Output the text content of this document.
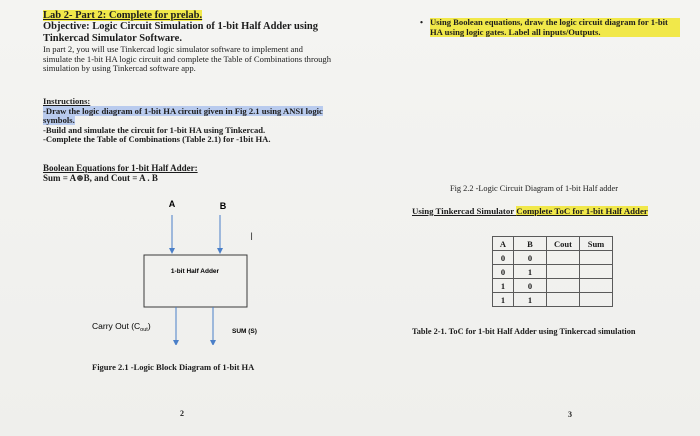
Lab 2- Part 2: Complete for prelab.
Objective: Logic Circuit Simulation of 1-bit Half Adder using Tinkercad Simulator Software.
In part 2, you will use Tinkercad logic simulator software to implement and simulate the 1-bit HA logic circuit and complete the Table of Combinations through simulation by using Tinkercad software app.
Instructions:
-Draw the logic diagram of 1-bit HA circuit given in Fig 2.1 using ANSI logic symbols.
-Build and simulate the circuit for 1-bit HA using Tinkercad.
-Complete the Table of Combinations (Table 2.1) for -1bit HA.
Boolean Equations for 1-bit Half Adder:
Sum = A⊕B, and Cout = A . B
A	B
I
1-bit Half Adder
Carry Out $(C_{out})$
SUM (S)
Figure 2.1 -Logic Block Diagram of 1-bit HA
2
• Using Boolean equations, draw the logic circuit diagram for 1-bit HA using logic gates. Label all inputs/Outputs.
Fig 2.2 -Logic Circuit Diagram of 1-bit Half adder
Using Tinkercad Simulator Complete ToC for 1-bit Half Adder
A	B	Cout	Sum
0	0		
0	1		
1	0		
1	1		
Table 2-1. ToC for 1-bit Half Adder using Tinkercad simulation
3
